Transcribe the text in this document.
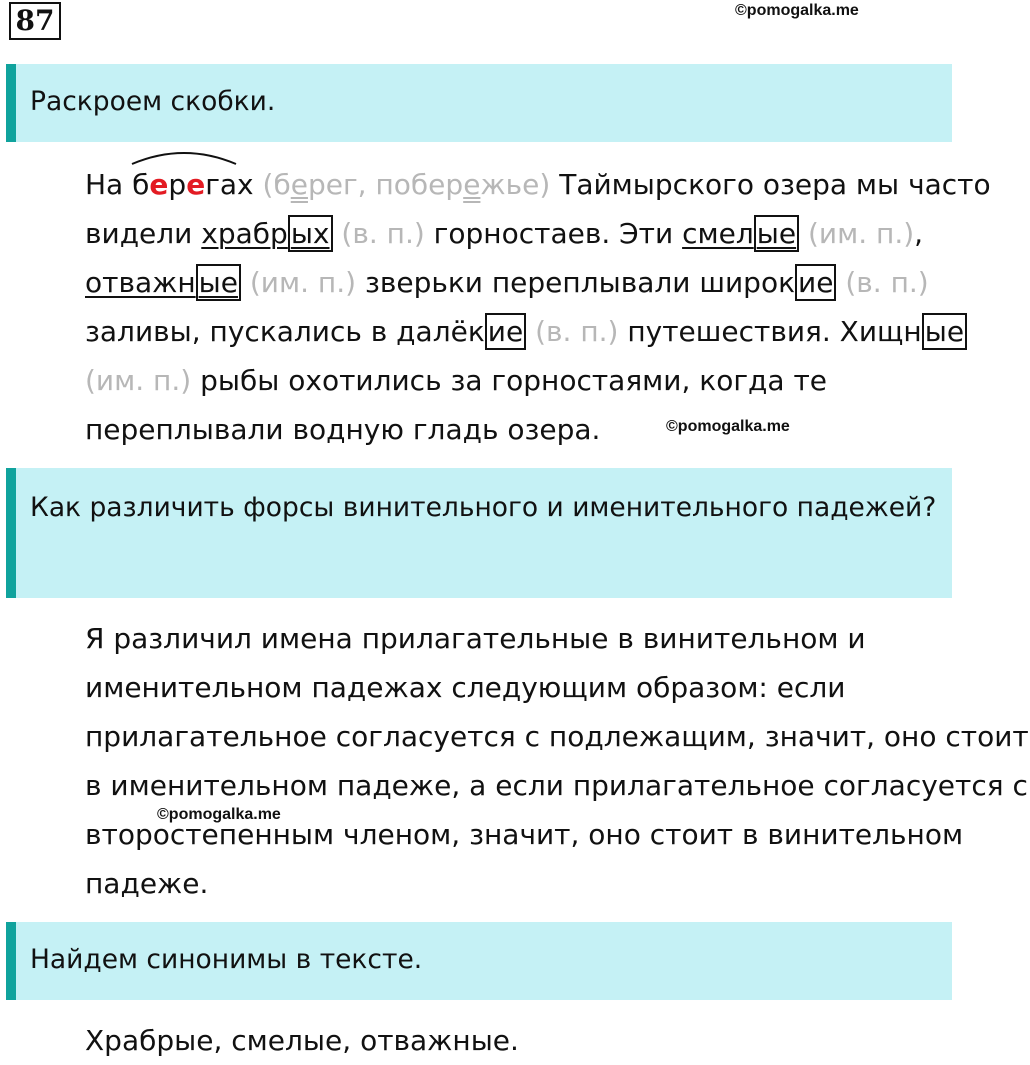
87	©pomogalka.me
Раскроем скобки.
На
берегах (берег, побережье) Таймырского озера мы часто видели храбр ых (в. п.) горностаев. Эти смел ые (им. п.), отважн ые (им. п.) зверьки переплывали широк ие (в. п.) заливы, пускались в далёк ие (в. п.) путешествия. Хищн ые (им. п.) рыбы охотились за горностаями, когда те переплывали водную гладь озера.	©pomogalka.me
Как различить форсы винительного и именительного падежей?
Я различил имена прилагательные в винительном и именительном падежах следующим образом: если прилагательное согласуется с подлежащим, значит, оно стоит в именительном падеже, а если прилагательное согласуется с второстепенным членом, значит, оно стоит в винительном падеже.
©pomogalka.me
Найдем синонимы в тексте.
Храбрые, смелые, отважные.
